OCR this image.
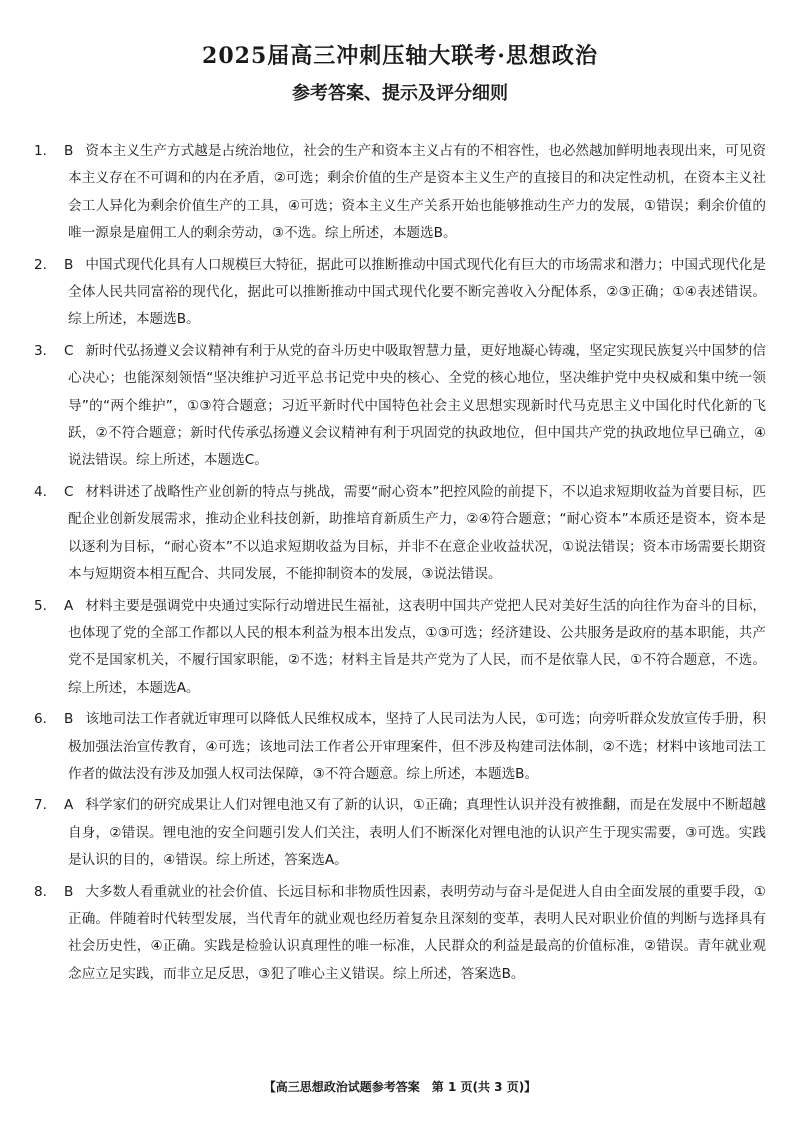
2025届高三冲刺压轴大联考·思想政治
参考答案、提示及评分细则

1. B 资本主义生产方式越是占统治地位，社会的生产和资本主义占有的不相容性，也必然越加鲜明地表现出来，可见资本主义存在不可调和的内在矛盾，②可选；剩余价值的生产是资本主义生产的直接目的和决定性动机，在资本主义社会工人异化为剩余价值生产的工具，④可选；资本主义生产关系开始也能够推动生产力的发展，①错误；剩余价值的唯一源泉是雇佣工人的剩余劳动，③不选。综上所述，本题选B。

2. B 中国式现代化具有人口规模巨大特征，据此可以推断推动中国式现代化有巨大的市场需求和潜力；中国式现代化是全体人民共同富裕的现代化，据此可以推断推动中国式现代化要不断完善收入分配体系，②③正确；①④表述错误。综上所述，本题选B。

3. C 新时代弘扬遵义会议精神有利于从党的奋斗历史中吸取智慧力量，更好地凝心铸魂，坚定实现民族复兴中国梦的信心决心；也能深刻领悟“坚决维护习近平总书记党中央的核心、全党的核心地位，坚决维护党中央权威和集中统一领导”的“两个维护”，①③符合题意；习近平新时代中国特色社会主义思想实现新时代马克思主义中国化时代化新的飞跃，②不符合题意；新时代传承弘扬遵义会议精神有利于巩固党的执政地位，但中国共产党的执政地位早已确立，④说法错误。综上所述，本题选C。

4. C 材料讲述了战略性产业创新的特点与挑战，需要“耐心资本”把控风险的前提下，不以追求短期收益为首要目标，匹配企业创新发展需求，推动企业科技创新，助推培育新质生产力，②④符合题意；“耐心资本”本质还是资本，资本是以逐利为目标，“耐心资本”不以追求短期收益为目标，并非不在意企业收益状况，①说法错误；资本市场需要长期资本与短期资本相互配合、共同发展，不能抑制资本的发展，③说法错误。

5. A 材料主要是强调党中央通过实际行动增进民生福祉，这表明中国共产党把人民对美好生活的向往作为奋斗的目标，也体现了党的全部工作都以人民的根本利益为根本出发点，①③可选；经济建设、公共服务是政府的基本职能，共产党不是国家机关，不履行国家职能，②不选；材料主旨是共产党为了人民，而不是依靠人民，①不符合题意，不选。综上所述，本题选A。

6. B 该地司法工作者就近审理可以降低人民维权成本，坚持了人民司法为人民，①可选；向旁听群众发放宣传手册，积极加强法治宣传教育，④可选；该地司法工作者公开审理案件，但不涉及构建司法体制，②不选；材料中该地司法工作者的做法没有涉及加强人权司法保障，③不符合题意。综上所述，本题选B。

7. A 科学家们的研究成果让人们对锂电池又有了新的认识，①正确；真理性认识并没有被推翻，而是在发展中不断超越自身，②错误。锂电池的安全问题引发人们关注，表明人们不断深化对锂电池的认识产生于现实需要，③可选。实践是认识的目的，④错误。综上所述，答案选A。

8. B 大多数人看重就业的社会价值、长远目标和非物质性因素，表明劳动与奋斗是促进人自由全面发展的重要手段，①正确。伴随着时代转型发展，当代青年的就业观也经历着复杂且深刻的变革，表明人民对职业价值的判断与选择具有社会历史性，④正确。实践是检验认识真理性的唯一标准，人民群众的利益是最高的价值标准，②错误。青年就业观念应立足实践，而非立足反思，③犯了唯心主义错误。综上所述，答案选B。

【高三思想政治试题参考答案　第 1 页(共 3 页)】
